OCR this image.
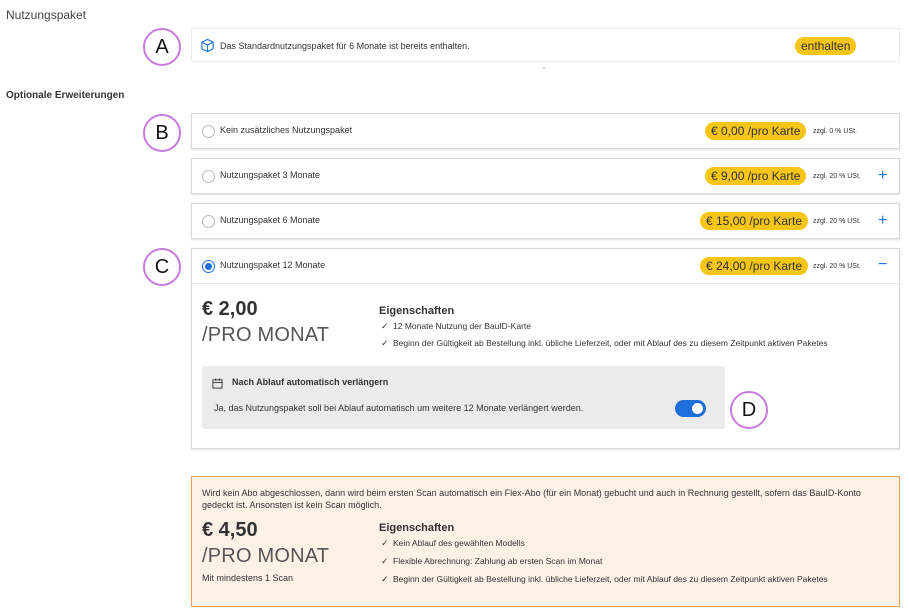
Nutzungspaket
A	Das Standardnutzungspaket für 6 Monate ist bereits enthalten.	enthalten
Optionale Erweiterungen
B	Kein zusätzliches Nutzungspaket	€ 0,00 /pro Karte	zzgl. 0 % USt.
Nutzungspaket 3 Monate	€ 9,00 /pro Karte	zzgl. 20 % USt. +
Nutzungspaket 6 Monate	€ 15,00 /pro Karte	zzgl. 20 % USt. +
C	Nutzungspaket 12 Monate	€ 24,00 /pro Karte	zzgl. 20 % USt. −
€ 2,00
/PRO MONAT
Eigenschaften
✓ 12 Monate Nutzung der BauID-Karte
✓ Beginn der Gültigkeit ab Bestellung inkl. übliche Lieferzeit, oder mit Ablauf des zu diesem Zeitpunkt aktiven Paketes
Nach Ablauf automatisch verlängern
Ja, das Nutzungspaket soll bei Ablauf automatisch um weitere 12 Monate verlängert werden.	D
Wird kein Abo abgeschlossen, dann wird beim ersten Scan automatisch ein Flex-Abo (für ein Monat) gebucht und auch in Rechnung gestellt, sofern das BauID-Konto gedeckt ist. Ansonsten ist kein Scan möglich.
€ 4,50
/PRO MONAT
Mit mindestens 1 Scan
Eigenschaften
✓ Kein Ablauf des gewählten Modells
✓ Flexible Abrechnung: Zahlung ab ersten Scan im Monat
✓ Beginn der Gültigkeit ab Bestellung inkl. übliche Lieferzeit, oder mit Ablauf des zu diesem Zeitpunkt aktiven Paketes
